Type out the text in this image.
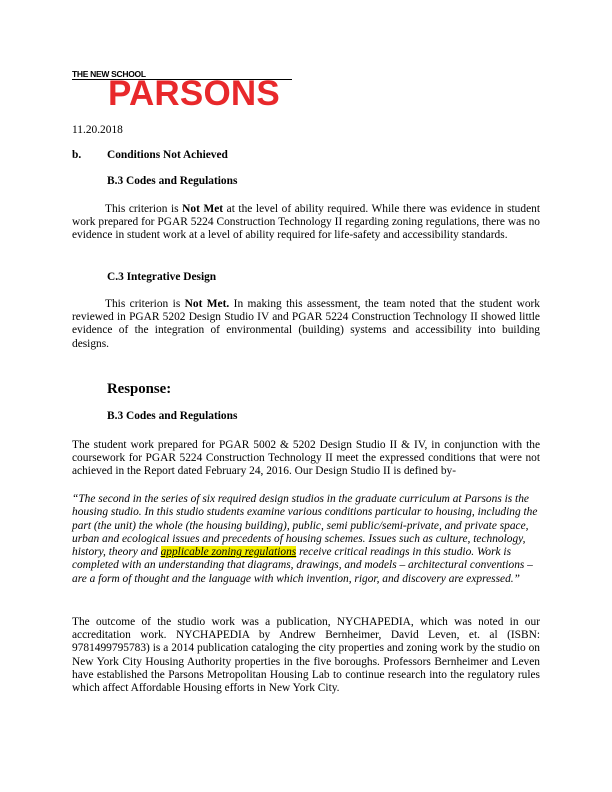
THE NEW SCHOOL
PARSONS

11.20.2018

b. Conditions Not Achieved

B.3 Codes and Regulations

This criterion is Not Met at the level of ability required. While there was evidence in student work prepared for PGAR 5224 Construction Technology II regarding zoning regulations, there was no evidence in student work at a level of ability required for life-safety and accessibility standards.

C.3 Integrative Design

This criterion is Not Met. In making this assessment, the team noted that the student work reviewed in PGAR 5202 Design Studio IV and PGAR 5224 Construction Technology II showed little evidence of the integration of environmental (building) systems and accessibility into building designs.

Response:

B.3 Codes and Regulations

The student work prepared for PGAR 5002 & 5202 Design Studio II & IV, in conjunction with the coursework for PGAR 5224 Construction Technology II meet the expressed conditions that were not achieved in the Report dated February 24, 2016. Our Design Studio II is defined by-

“The second in the series of six required design studios in the graduate curriculum at Parsons is the housing studio. In this studio students examine various conditions particular to housing, including the part (the unit) the whole (the housing building), public, semi public/semi-private, and private space, urban and ecological issues and precedents of housing schemes. Issues such as culture, technology, history, theory and applicable zoning regulations receive critical readings in this studio. Work is completed with an understanding that diagrams, drawings, and models – architectural conventions – are a form of thought and the language with which invention, rigor, and discovery are expressed.”

The outcome of the studio work was a publication, NYCHAPEDIA, which was noted in our accreditation work. NYCHAPEDIA by Andrew Bernheimer, David Leven, et. al (ISBN: 9781499795783) is a 2014 publication cataloging the city properties and zoning work by the studio on New York City Housing Authority properties in the five boroughs. Professors Bernheimer and Leven have established the Parsons Metropolitan Housing Lab to continue research into the regulatory rules which affect Affordable Housing efforts in New York City.
